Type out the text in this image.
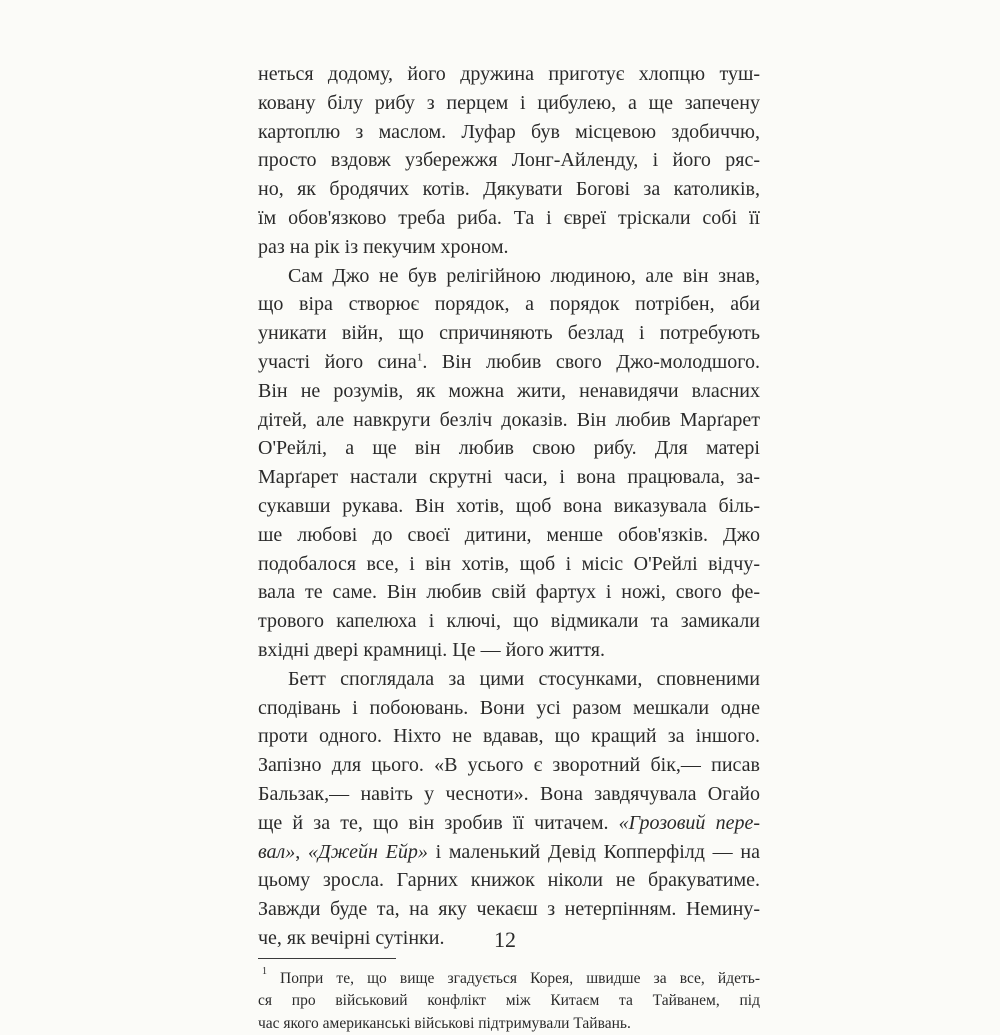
неться додому, його дружина приготує хлопцю туш-
ковану білу рибу з перцем і цибулею, а ще запечену
картоплю з маслом. Луфар був місцевою здобиччю,
просто вздовж узбережжя Лонг-Айленду, і його ряс-
но, як бродячих котів. Дякувати Богові за католиків,
їм обов'язково треба риба. Та і євреї тріскали собі її
раз на рік із пекучим хроном.
Сам Джо не був релігійною людиною, але він знав,
що віра створює порядок, а порядок потрібен, аби
уникати війн, що спричиняють безлад і потребують
участі його сина$^1$. Він любив свого Джо-молодшого.
Він не розумів, як можна жити, ненавидячи власних
дітей, але навкруги безліч доказів. Він любив Марґарет
О'Рейлі, а ще він любив свою рибу. Для матері
Марґарет настали скрутні часи, і вона працювала, за-
сукавши рукава. Він хотів, щоб вона виказувала біль-
ше любові до своєї дитини, менше обов'язків. Джо
подобалося все, і він хотів, щоб і місіс О'Рейлі відчу-
вала те саме. Він любив свій фартух і ножі, свого фе-
трового капелюха і ключі, що відмикали та замикали
вхідні двері крамниці. Це — його життя.
Бетт споглядала за цими стосунками, сповненими
сподівань і побоювань. Вони усі разом мешкали одне
проти одного. Ніхто не вдавав, що кращий за іншого.
Запізно для цього. «В усього є зворотний бік,— писав
Бальзак,— навіть у чесноти». Вона завдячувала Огайо
ще й за те, що він зробив її читачем. «Грозовий пере-
вал», «Джейн Ейр» і маленький Девід Копперфілд — на
цьому зросла. Гарних книжок ніколи не бракуватиме.
Завжди буде та, на яку чекаєш з нетерпінням. Немину-
че, як вечірні сутінки.
1 Попри те, що вище згадується Корея, швидше за все, йдеть-
ся про військовий конфлікт між Китаєм та Тайванем, під
час якого американські військові підтримували Тайвань.
12
